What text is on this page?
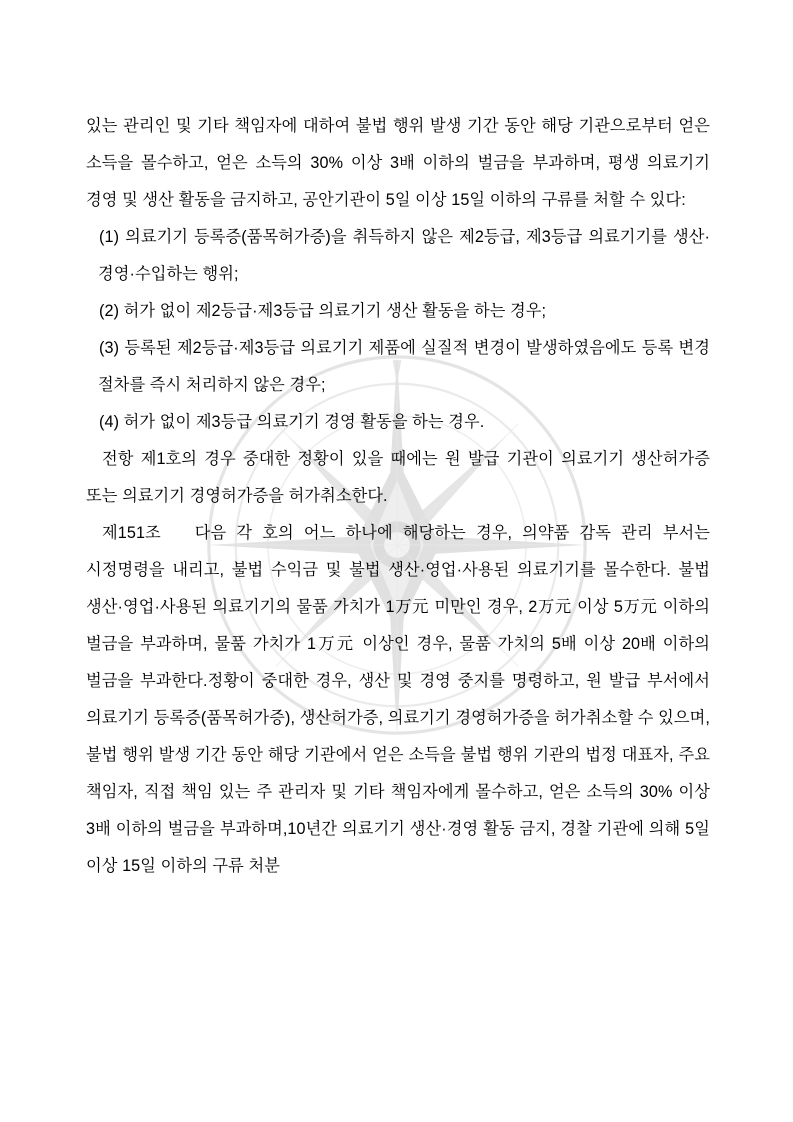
있는 관리인 및 기타 책임자에 대하여 불법 행위 발생 기간 동안 해당 기관으로부터 얻은 소득을 몰수하고, 얻은 소득의 30% 이상 3배 이하의 벌금을 부과하며, 평생 의료기기 경영 및 생산 활동을 금지하고, 공안기관이 5일 이상 15일 이하의 구류를 처할 수 있다:

(1) 의료기기 등록증(품목허가증)을 취득하지 않은 제2등급, 제3등급 의료기기를 생산·경영·수입하는 행위;

(2) 허가 없이 제2등급·제3등급 의료기기 생산 활동을 하는 경우;

(3) 등록된 제2등급·제3등급 의료기기 제품에 실질적 변경이 발생하였음에도 등록 변경 절차를 즉시 처리하지 않은 경우;

(4) 허가 없이 제3등급 의료기기 경영 활동을 하는 경우.

전항 제1호의 경우 중대한 정황이 있을 때에는 원 발급 기관이 의료기기 생산허가증 또는 의료기기 경영허가증을 허가취소한다.

제151조 다음 각 호의 어느 하나에 해당하는 경우, 의약품 감독 관리 부서는 시정명령을 내리고, 불법 수익금 및 불법 생산·영업·사용된 의료기기를 몰수한다. 불법 생산·영업·사용된 의료기기의 물품 가치가 1万元 미만인 경우, 2万元 이상 5万元 이하의 벌금을 부과하며, 물품 가치가 1万元 이상인 경우, 물품 가치의 5배 이상 20배 이하의 벌금을 부과한다.정황이 중대한 경우, 생산 및 경영 중지를 명령하고, 원 발급 부서에서 의료기기 등록증(품목허가증), 생산허가증, 의료기기 경영허가증을 허가취소할 수 있으며, 불법 행위 발생 기간 동안 해당 기관에서 얻은 소득을 불법 행위 기관의 법정 대표자, 주요 책임자, 직접 책임 있는 주 관리자 및 기타 책임자에게 몰수하고, 얻은 소득의 30% 이상 3배 이하의 벌금을 부과하며,10년간 의료기기 생산·경영 활동 금지, 경찰 기관에 의해 5일 이상 15일 이하의 구류 처분
